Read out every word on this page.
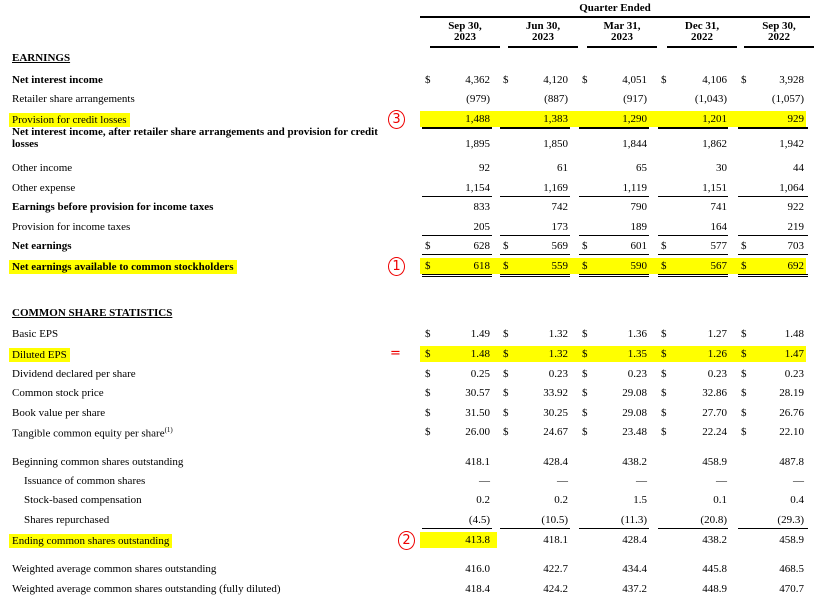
Quarter Ended
Sep 30,
2023
Jun 30,
2023
Mar 31,
2023
Dec 31,
2022
Sep 30,
2022
EARNINGS
COMMON SHARE STATISTICS
Net interest income	$	4,362 $	4,120 $	4,051 $	4,106 $	3,928
Retailer share arrangements	(979)	(887)	(917)	(1,043)	(1,057)
Provision for credit losses	1,488	1,383	1,290	1,201	929
3
Net interest income, after retailer share arrangements and provision for credit losses	1,895	1,850	1,844	1,862	1,942
Other income	92	61	65	30	44
Other expense	1,154	1,169	1,119	1,151	1,064
Earnings before provision for income taxes	833	742	790	741	922
Provision for income taxes	205	173	189	164	219
Net earnings	$	628 $	569 $	601 $	577 $	703
Net earnings available to common stockholders	$	618 $	559 $	590 $	567 $	692
1
Basic EPS	$	1.49 $	1.32 $	1.36 $	1.27 $	1.48
Diluted EPS	$	1.48 $	1.32 $	1.35 $	1.26 $	1.47
=
Dividend declared per share	$	0.25 $	0.23 $	0.23 $	0.23 $	0.23
Common stock price	$	30.57 $	33.92 $	29.08 $	32.86 $	28.19
Book value per share	$	31.50 $	30.25 $	29.08 $	27.70 $	26.76
Tangible common equity per share$^{(1)}$	$	26.00 $	24.67 $	23.48 $	22.24 $	22.10
Beginning common shares outstanding	418.1	428.4	438.2	458.9	487.8
Issuance of common shares	—	—	—	—	—
Stock-based compensation	0.2	0.2	1.5	0.1	0.4
Shares repurchased	(4.5)	(10.5)	(11.3)	(20.8)	(29.3)
Ending common shares outstanding	413.8	418.1	428.4	438.2	458.9
2
Weighted average common shares outstanding	416.0	422.7	434.4	445.8	468.5
Weighted average common shares outstanding (fully diluted)	418.4	424.2	437.2	448.9	470.7
